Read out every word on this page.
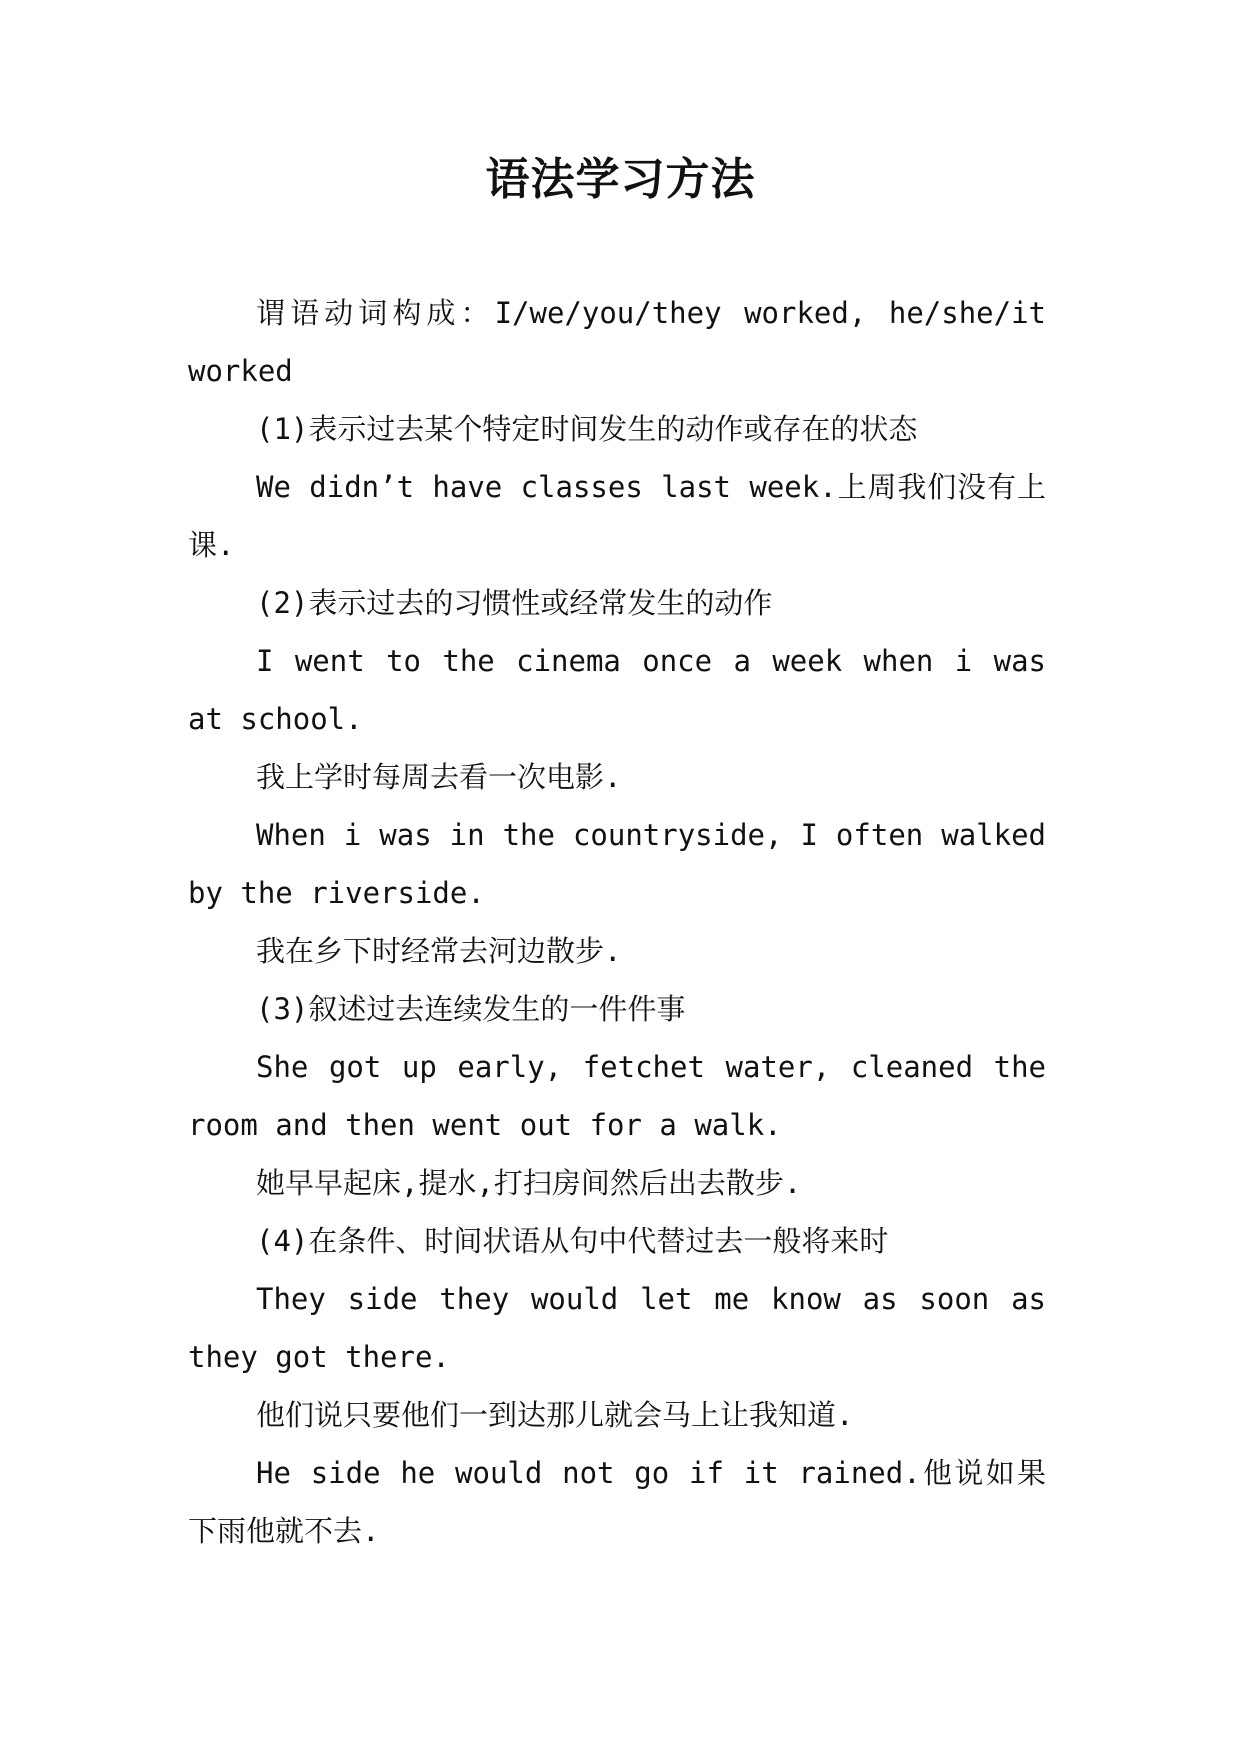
语法学习方法

谓语动词构成：I/we/you/they worked, he/she/it worked

(1)表示过去某个特定时间发生的动作或存在的状态

We didn’t have classes last week.上周我们没有上课.

(2)表示过去的习惯性或经常发生的动作

I went to the cinema once a week when i was at school.

我上学时每周去看一次电影.

When i was in the countryside, I often walked by the riverside.

我在乡下时经常去河边散步.

(3)叙述过去连续发生的一件件事

She got up early, fetchet water, cleaned the room and then went out for a walk.

她早早起床,提水,打扫房间然后出去散步.

(4)在条件、时间状语从句中代替过去一般将来时

They side they would let me know as soon as they got there.

他们说只要他们一到达那儿就会马上让我知道.

He side he would not go if it rained.他说如果下雨他就不去.
